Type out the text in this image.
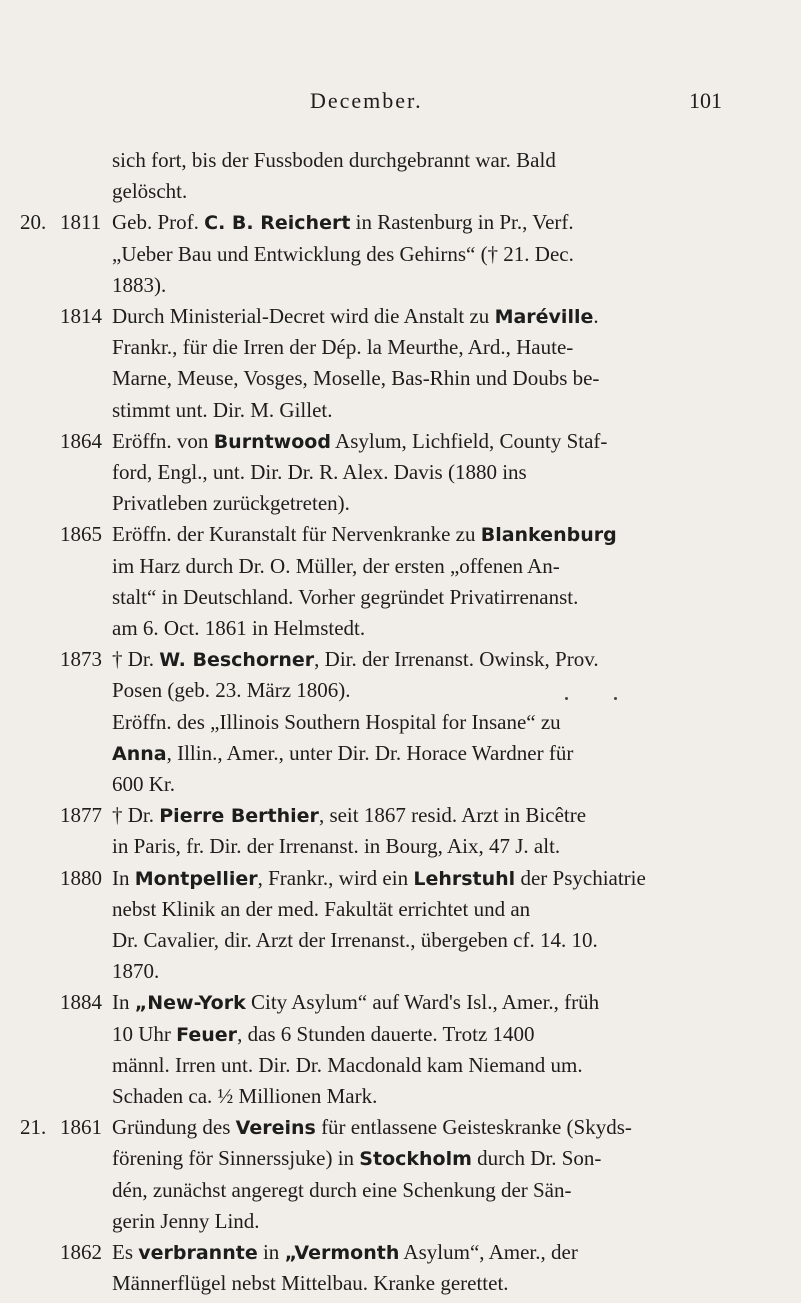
December.	101
sich fort, bis der Fussboden durchgebrannt war. Bald
gelöscht.
20. 1811 Geb. Prof. C. B. Reichert in Rastenburg in Pr., Verf.
„Ueber Bau und Entwicklung des Gehirns“ († 21. Dec.
1883).
1814 Durch Ministerial-Decret wird die Anstalt zu Maréville.
Frankr., für die Irren der Dép. la Meurthe, Ard., Haute-
Marne, Meuse, Vosges, Moselle, Bas-Rhin und Doubs be-
stimmt unt. Dir. M. Gillet.
1864 Eröffn. von Burntwood Asylum, Lichfield, County Staf-
ford, Engl., unt. Dir. Dr. R. Alex. Davis (1880 ins
Privatleben zurückgetreten).
1865 Eröffn. der Kuranstalt für Nervenkranke zu Blankenburg
im Harz durch Dr. O. Müller, der ersten „offenen An-
stalt“ in Deutschland. Vorher gegründet Privatirrenanst.
am 6. Oct. 1861 in Helmstedt.
1873 † Dr. W. Beschorner, Dir. der Irrenanst. Owinsk, Prov.
Posen (geb. 23. März 1806).
Eröffn. des „Illinois Southern Hospital for Insane“ zu
Anna, Illin., Amer., unter Dir. Dr. Horace Wardner für
600 Kr.
1877 † Dr. Pierre Berthier, seit 1867 resid. Arzt in Bicêtre
in Paris, fr. Dir. der Irrenanst. in Bourg, Aix, 47 J. alt.
1880 In Montpellier, Frankr., wird ein Lehrstuhl der Psychiatrie
nebst Klinik an der med. Fakultät errichtet und an
Dr. Cavalier, dir. Arzt der Irrenanst., übergeben cf. 14. 10.
1870.
1884 In „New-York City Asylum“ auf Ward's Isl., Amer., früh
10 Uhr Feuer, das 6 Stunden dauerte. Trotz 1400
männl. Irren unt. Dir. Dr. Macdonald kam Niemand um.
Schaden ca. ½ Millionen Mark.
21. 1861 Gründung des Vereins für entlassene Geisteskranke (Skyds-
förening för Sinnerssjuke) in Stockholm durch Dr. Son-
dén, zunächst angeregt durch eine Schenkung der Sän-
gerin Jenny Lind.
1862 Es verbrannte in „Vermonth Asylum“, Amer., der
Männerflügel nebst Mittelbau. Kranke gerettet.
